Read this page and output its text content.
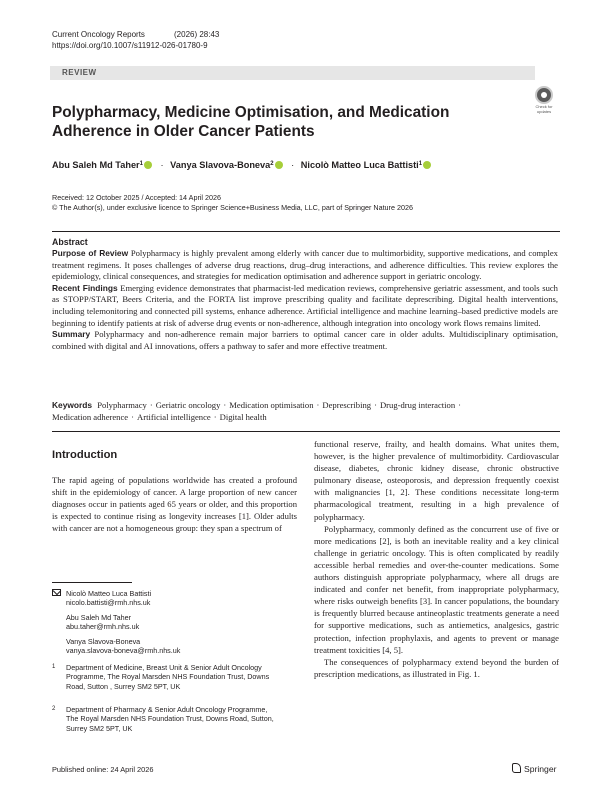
Current Oncology Reports	(2026) 28:43
https://doi.org/10.1007/s11912-026-01780-9
REVIEW
Check for
updates
Polypharmacy, Medicine Optimisation, and Medication Adherence in Older Cancer Patients
Abu Saleh Md Taher$^1$ · Vanya Slavova-Boneva$^2$ · Nicolò Matteo Luca Battisti$^1$
Received: 12 October 2025 / Accepted: 14 April 2026
© The Author(s), under exclusive licence to Springer Science+Business Media, LLC, part of Springer Nature 2026
Abstract

Purpose of Review Polypharmacy is highly prevalent among elderly with cancer due to multimorbidity, supportive medications, and complex treatment regimens. It poses challenges of adverse drug reactions, drug–drug interactions, and adherence difficulties. This review explores the epidemiology, clinical consequences, and strategies for medication optimisation and adherence support in geriatric oncology.

Recent Findings Emerging evidence demonstrates that pharmacist-led medication reviews, comprehensive geriatric assessment, and tools such as STOPP/START, Beers Criteria, and the FORTA list improve prescribing quality and facilitate deprescribing. Digital health interventions, including telemonitoring and connected pill systems, enhance adherence. Artificial intelligence and machine learning–based predictive models are beginning to identify patients at risk of adverse drug events or non-adherence, although integration into oncology work flows remains limited.

Summary Polypharmacy and non-adherence remain major barriers to optimal cancer care in older adults. Multidisciplinary optimisation, combined with digital and AI innovations, offers a pathway to safer and more effective treatment.

Keywords Polypharmacy · Geriatric oncology · Medication optimisation · Deprescribing · Drug-drug interaction ·
Medication adherence · Artificial intelligence · Digital health
Introduction

The rapid ageing of populations worldwide has created a profound shift in the epidemiology of cancer. A large proportion of new cancer diagnoses occur in patients aged 65 years or older, and this proportion is expected to continue rising as longevity increases [1]. Older adults with cancer are not a homogeneous group: they span a spectrum of

functional reserve, frailty, and health domains. What unites them, however, is the higher prevalence of multimorbidity. Cardiovascular disease, diabetes, chronic kidney disease, chronic obstructive pulmonary disease, osteoporosis, and depression frequently coexist with malignancies [1, 2]. These conditions necessitate long-term pharmacological treatment, resulting in a high prevalence of polypharmacy.

Polypharmacy, commonly defined as the concurrent use of five or more medications [2], is both an inevitable reality and a key clinical challenge in geriatric oncology. This is often complicated by readily accessible herbal remedies and over-the-counter medications. Some authors distinguish appropriate polypharmacy, where all drugs are indicated and confer net benefit, from inappropriate polypharmacy, where risks outweigh benefits [3]. In cancer populations, the boundary is frequently blurred because antineoplastic treatments generate a need for supportive medications, such as antiemetics, analgesics, gastric protection, infection prophylaxis, and agents to prevent or manage treatment toxicities [4, 5].

The consequences of polypharmacy extend beyond the burden of prescription medications, as illustrated in Fig. 1.

Nicolò Matteo Luca Battisti
nicolo.battisti@rmh.nhs.uk
Abu Saleh Md Taher
abu.taher@rmh.nhs.uk
Vanya Slavova-Boneva
vanya.slavova-boneva@rmh.nhs.uk
1 Department of Medicine, Breast Unit & Senior Adult Oncology Programme, The Royal Marsden NHS Foundation Trust, Downs Road, Sutton , Surrey SM2 5PT, UK
2 Department of Pharmacy & Senior Adult Oncology Programme, The Royal Marsden NHS Foundation Trust, Downs Road, Sutton, Surrey SM2 5PT, UK
Published online: 24 April 2026	Springer
